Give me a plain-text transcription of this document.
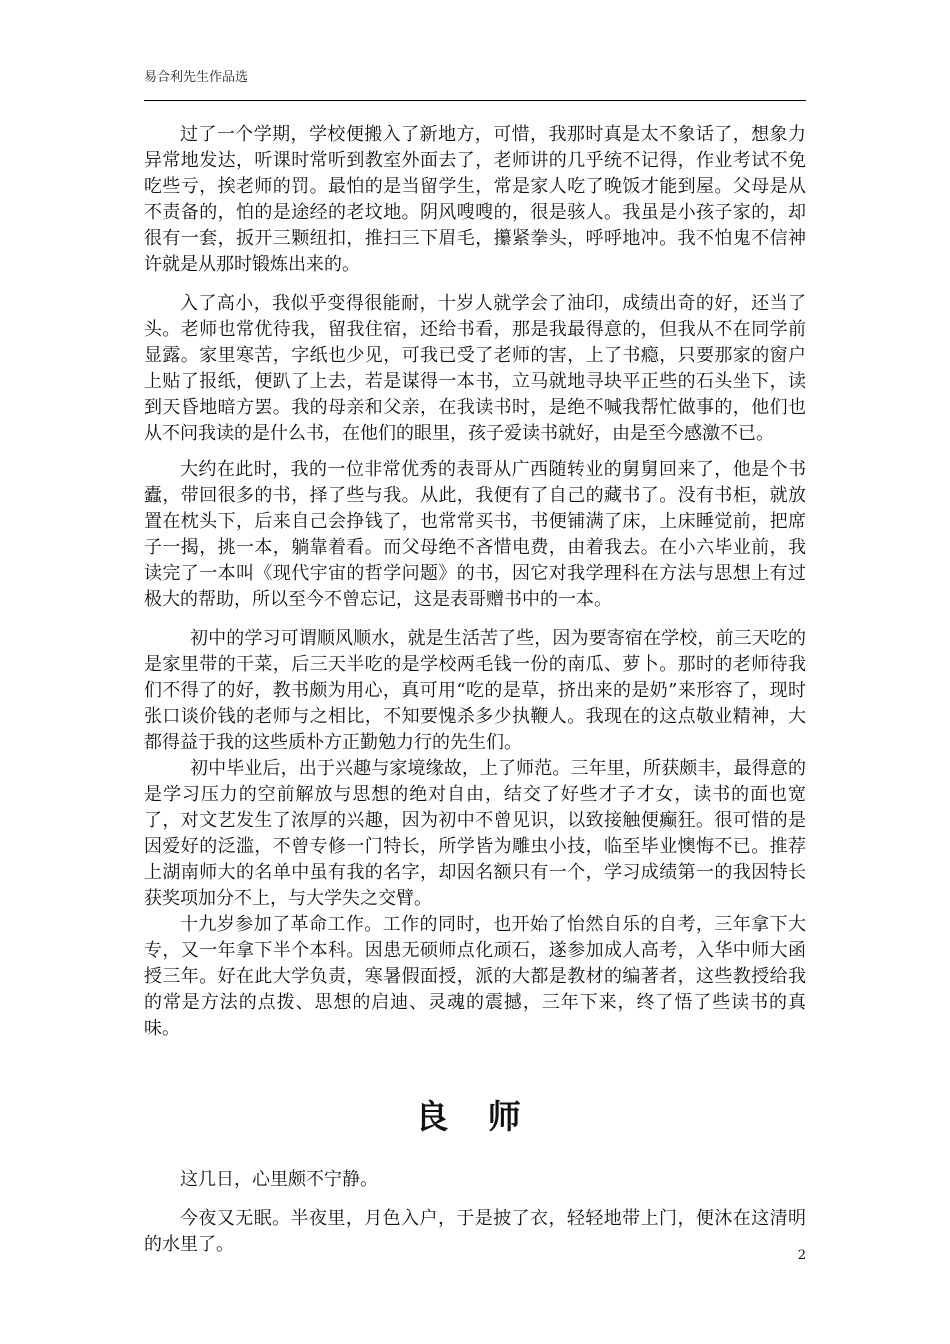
易合利先生作品选

过了一个学期，学校便搬入了新地方，可惜，我那时真是太不象话了，想象力异常地发达，听课时常听到教室外面去了，老师讲的几乎统不记得，作业考试不免吃些亏，挨老师的罚。最怕的是当留学生，常是家人吃了晚饭才能到屋。父母是从不责备的，怕的是途经的老坟地。阴风嗖嗖的，很是骇人。我虽是小孩子家的，却很有一套，扳开三颗纽扣，推扫三下眉毛，攥紧拳头，呼呼地冲。我不怕鬼不信神许就是从那时锻炼出来的。

入了高小，我似乎变得很能耐，十岁人就学会了油印，成绩出奇的好，还当了头。老师也常优待我，留我住宿，还给书看，那是我最得意的，但我从不在同学前显露。家里寒苦，字纸也少见，可我已受了老师的害，上了书瘾，只要那家的窗户上贴了报纸，便趴了上去，若是谋得一本书，立马就地寻块平正些的石头坐下，读到天昏地暗方罢。我的母亲和父亲，在我读书时，是绝不喊我帮忙做事的，他们也从不问我读的是什么书，在他们的眼里，孩子爱读书就好，由是至今感激不已。

大约在此时，我的一位非常优秀的表哥从广西随转业的舅舅回来了，他是个书蠹，带回很多的书，择了些与我。从此，我便有了自己的藏书了。没有书柜，就放置在枕头下，后来自己会挣钱了，也常常买书，书便铺满了床，上床睡觉前，把席子一揭，挑一本，躺靠着看。而父母绝不吝惜电费，由着我去。在小六毕业前，我读完了一本叫《现代宇宙的哲学问题》的书，因它对我学理科在方法与思想上有过极大的帮助，所以至今不曾忘记，这是表哥赠书中的一本。

初中的学习可谓顺风顺水，就是生活苦了些，因为要寄宿在学校，前三天吃的是家里带的干菜，后三天半吃的是学校两毛钱一份的南瓜、萝卜。那时的老师待我们不得了的好，教书颇为用心，真可用“吃的是草，挤出来的是奶”来形容了，现时张口谈价钱的老师与之相比，不知要愧杀多少执鞭人。我现在的这点敬业精神，大都得益于我的这些质朴方正勤勉力行的先生们。

初中毕业后，出于兴趣与家境缘故，上了师范。三年里，所获颇丰，最得意的是学习压力的空前解放与思想的绝对自由，结交了好些才子才女，读书的面也宽了，对文艺发生了浓厚的兴趣，因为初中不曾见识，以致接触便癫狂。很可惜的是因爱好的泛滥，不曾专修一门特长，所学皆为雕虫小技，临至毕业懊悔不已。推荐上湖南师大的名单中虽有我的名字，却因名额只有一个，学习成绩第一的我因特长获奖项加分不上，与大学失之交臂。

十九岁参加了革命工作。工作的同时，也开始了怡然自乐的自考，三年拿下大专，又一年拿下半个本科。因患无硕师点化顽石，遂参加成人高考，入华中师大函授三年。好在此大学负责，寒暑假面授，派的大都是教材的编著者，这些教授给我的常是方法的点拨、思想的启迪、灵魂的震撼，三年下来，终了悟了些读书的真味。

良 师

这几日，心里颇不宁静。

今夜又无眠。半夜里，月色入户，于是披了衣，轻轻地带上门，便沐在这清明的水里了。

2
